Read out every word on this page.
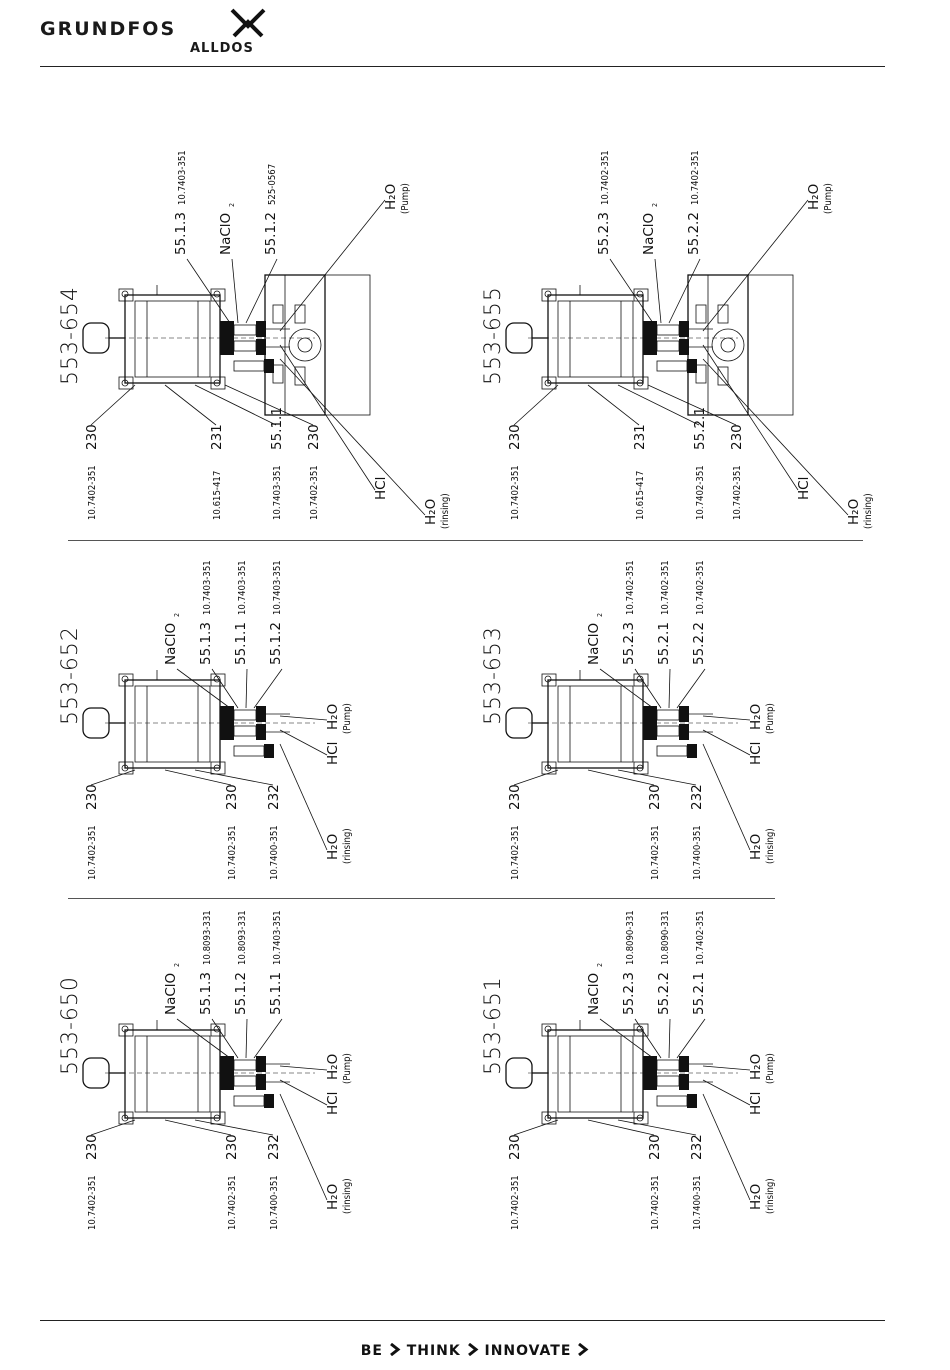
GRUNDFOS
ALLDOS
553-654
10.7402-351
230
10.615-417
231
10.7403-351
55.1.1
10.7402-351
230
55.1.3
10.7403-351
NaClO
2
55.1.2
525-0567	H₂O (Pump)
HCl
H₂O (rinsing)
553-655
10.7402-351
230
10.615-417
231
10.7402-351
55.2.1
10.7402-351
230
55.2.3
10.7402-351
NaClO
2
55.2.2
10.7402-351	H₂O (Pump)
HCl
H₂O (rinsing)
553-652
10.7402-351
230
10.7402-351
230
10.7400-351
232
NaClO
2
55.1.3
10.7403-351
55.1.1
10.7403-351
55.1.2
10.7403-351
H₂O (Pump)
HCl
H₂O (rinsing)
553-653
10.7402-351
230
10.7402-351
230
10.7400-351
232
NaClO
2
55.2.3
10.7402-351
55.2.1
10.7402-351
55.2.2
10.7402-351
H₂O (Pump)
HCl
H₂O (rinsing)
553-650
10.7402-351
230
10.7402-351
230
10.7400-351
232
NaClO
2
55.1.3
10.8093-331
55.1.2
10.8093-331
55.1.1
10.7403-351
H₂O (Pump)
HCl
H₂O (rinsing)
553-651
10.7402-351
230
10.7402-351
230
10.7400-351
232
NaClO
2
55.2.3
10.8090-331
55.2.2
10.8090-331
55.2.1
10.7402-351
H₂O (Pump)
HCl
H₂O (rinsing)
BE THINK INNOVATE
